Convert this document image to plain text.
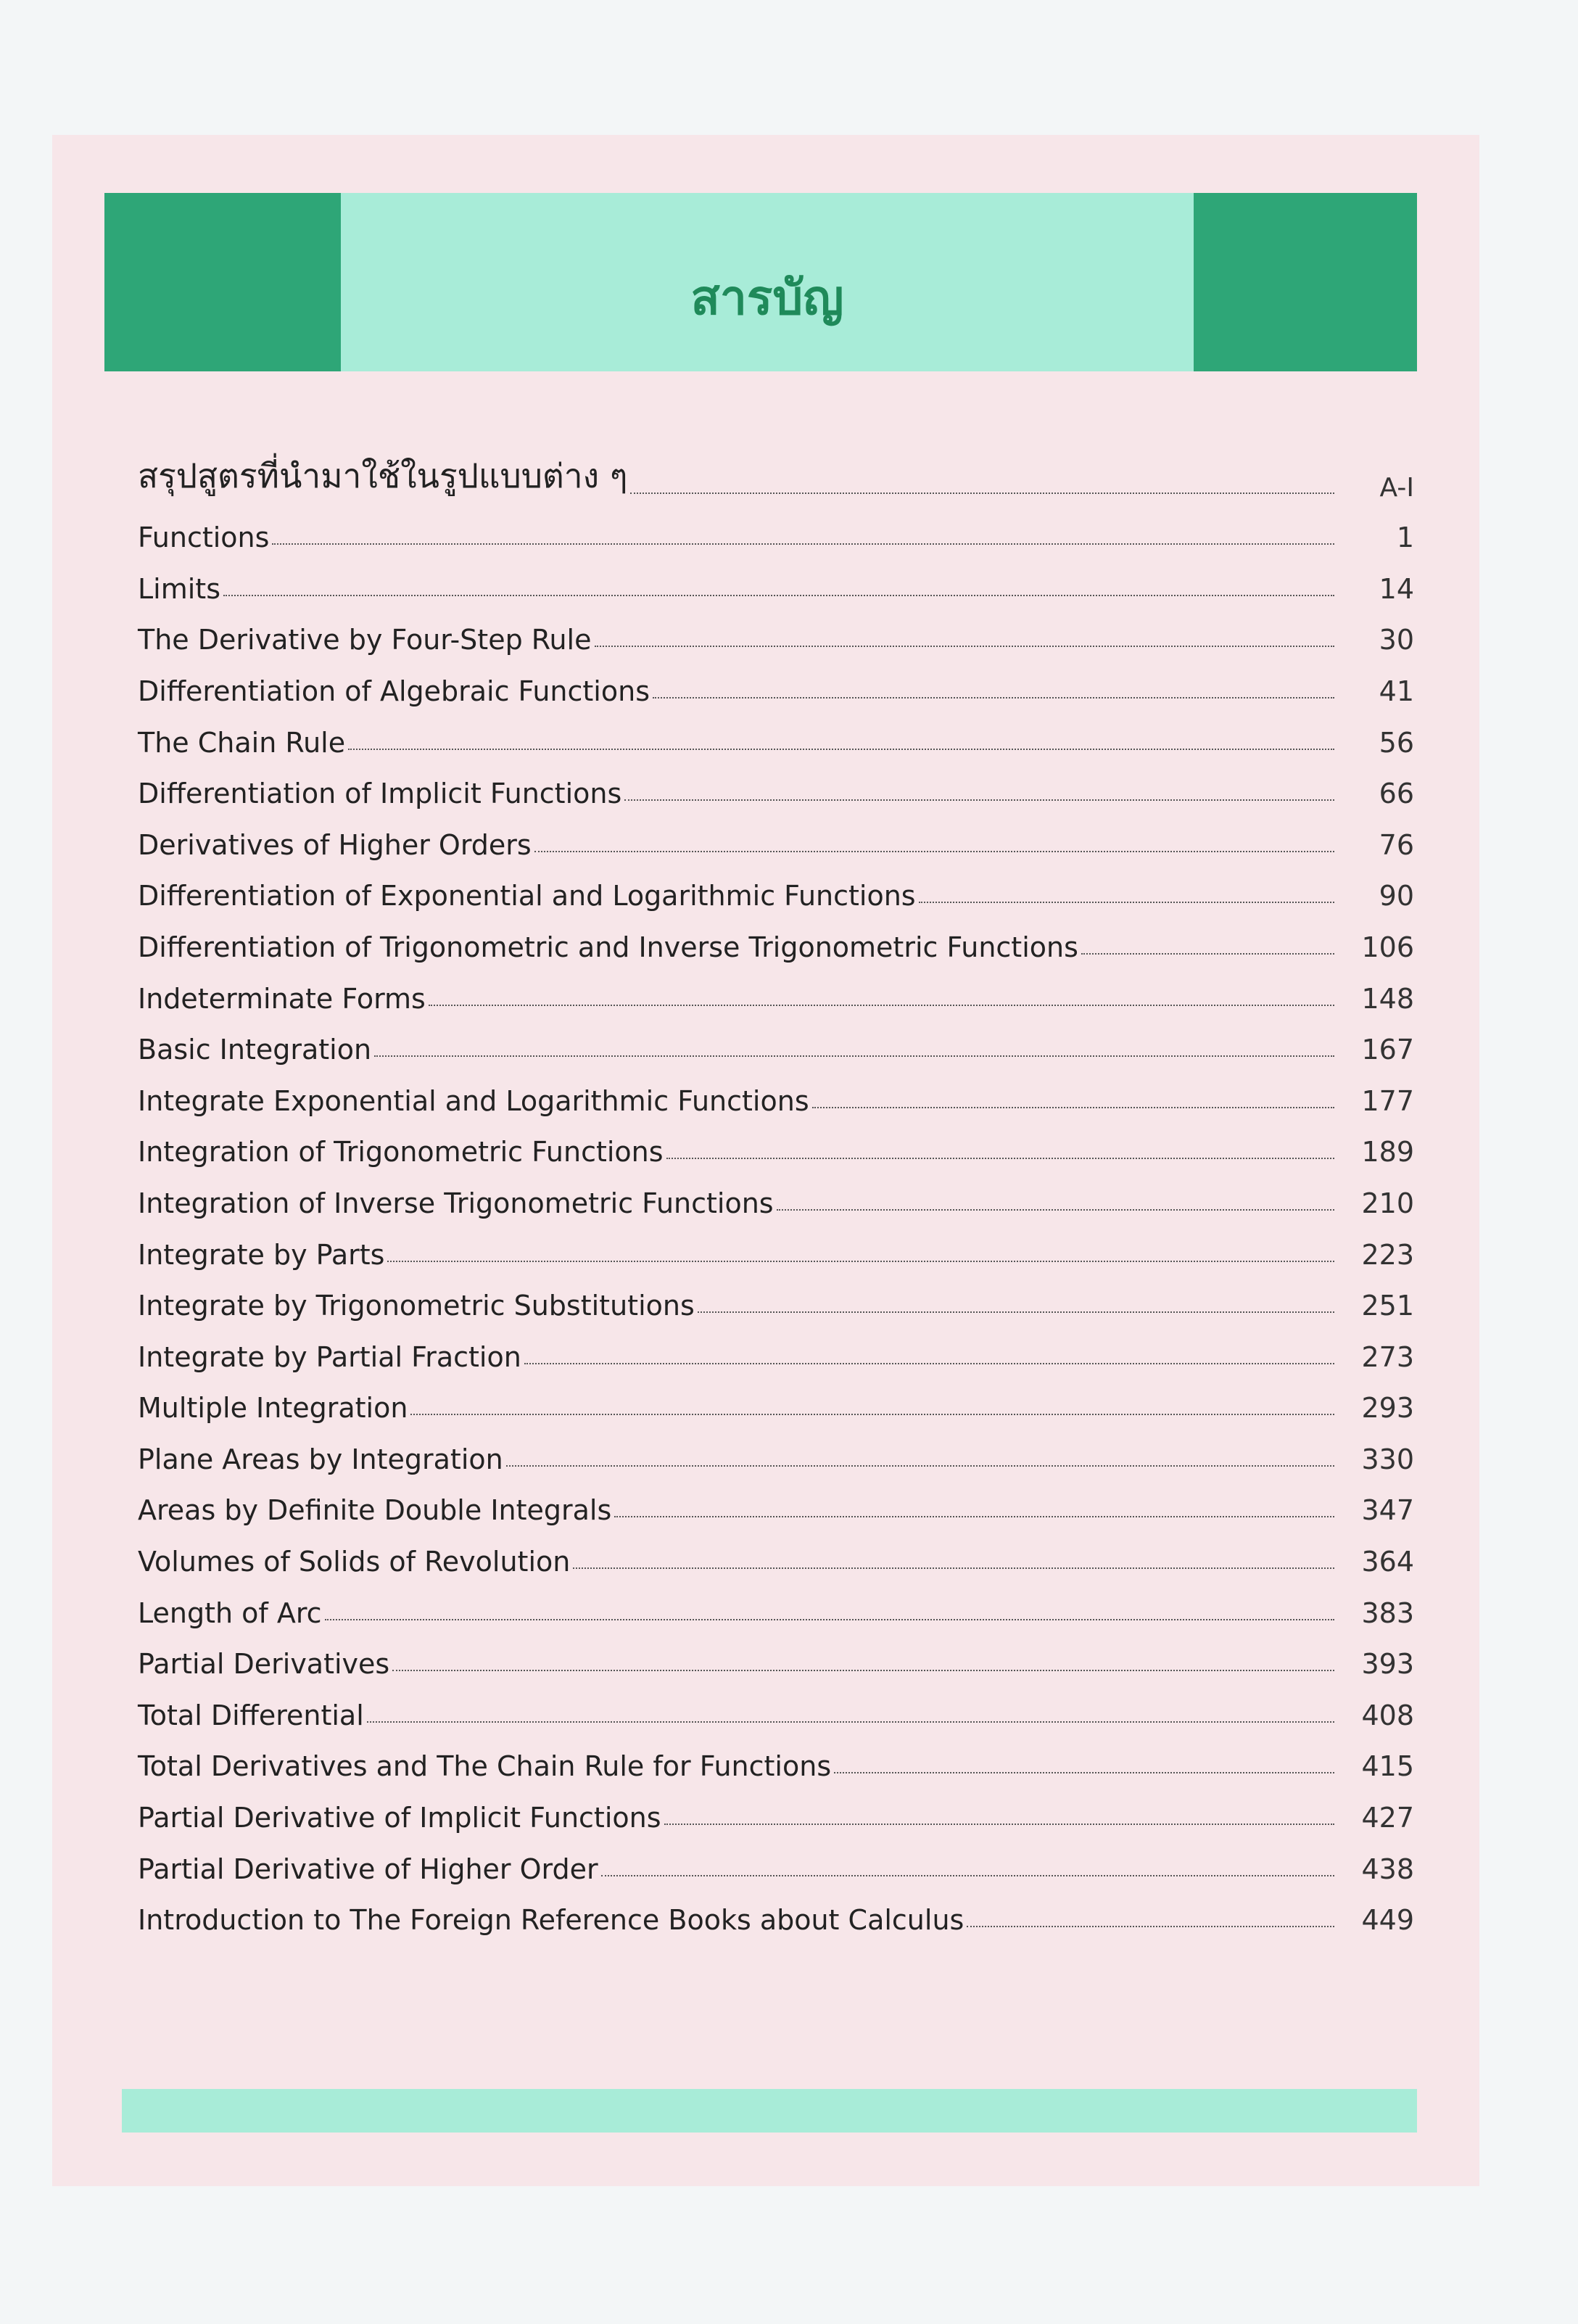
สารบัญ
สรุปสูตรที่นำมาใช้ในรูปแบบต่าง ๆ	A-I
Functions	1
Limits	14
The Derivative by Four-Step Rule	30
Differentiation of Algebraic Functions	41
The Chain Rule	56
Differentiation of Implicit Functions	66
Derivatives of Higher Orders	76
Differentiation of Exponential and Logarithmic Functions	90
Differentiation of Trigonometric and Inverse Trigonometric Functions	106
Indeterminate Forms	148
Basic Integration	167
Integrate Exponential and Logarithmic Functions	177
Integration of Trigonometric Functions	189
Integration of Inverse Trigonometric Functions	210
Integrate by Parts	223
Integrate by Trigonometric Substitutions	251
Integrate by Partial Fraction	273
Multiple Integration	293
Plane Areas by Integration	330
Areas by Definite Double Integrals	347
Volumes of Solids of Revolution	364
Length of Arc	383
Partial Derivatives	393
Total Differential	408
Total Derivatives and The Chain Rule for Functions	415
Partial Derivative of Implicit Functions	427
Partial Derivative of Higher Order	438
Introduction to The Foreign Reference Books about Calculus	449
